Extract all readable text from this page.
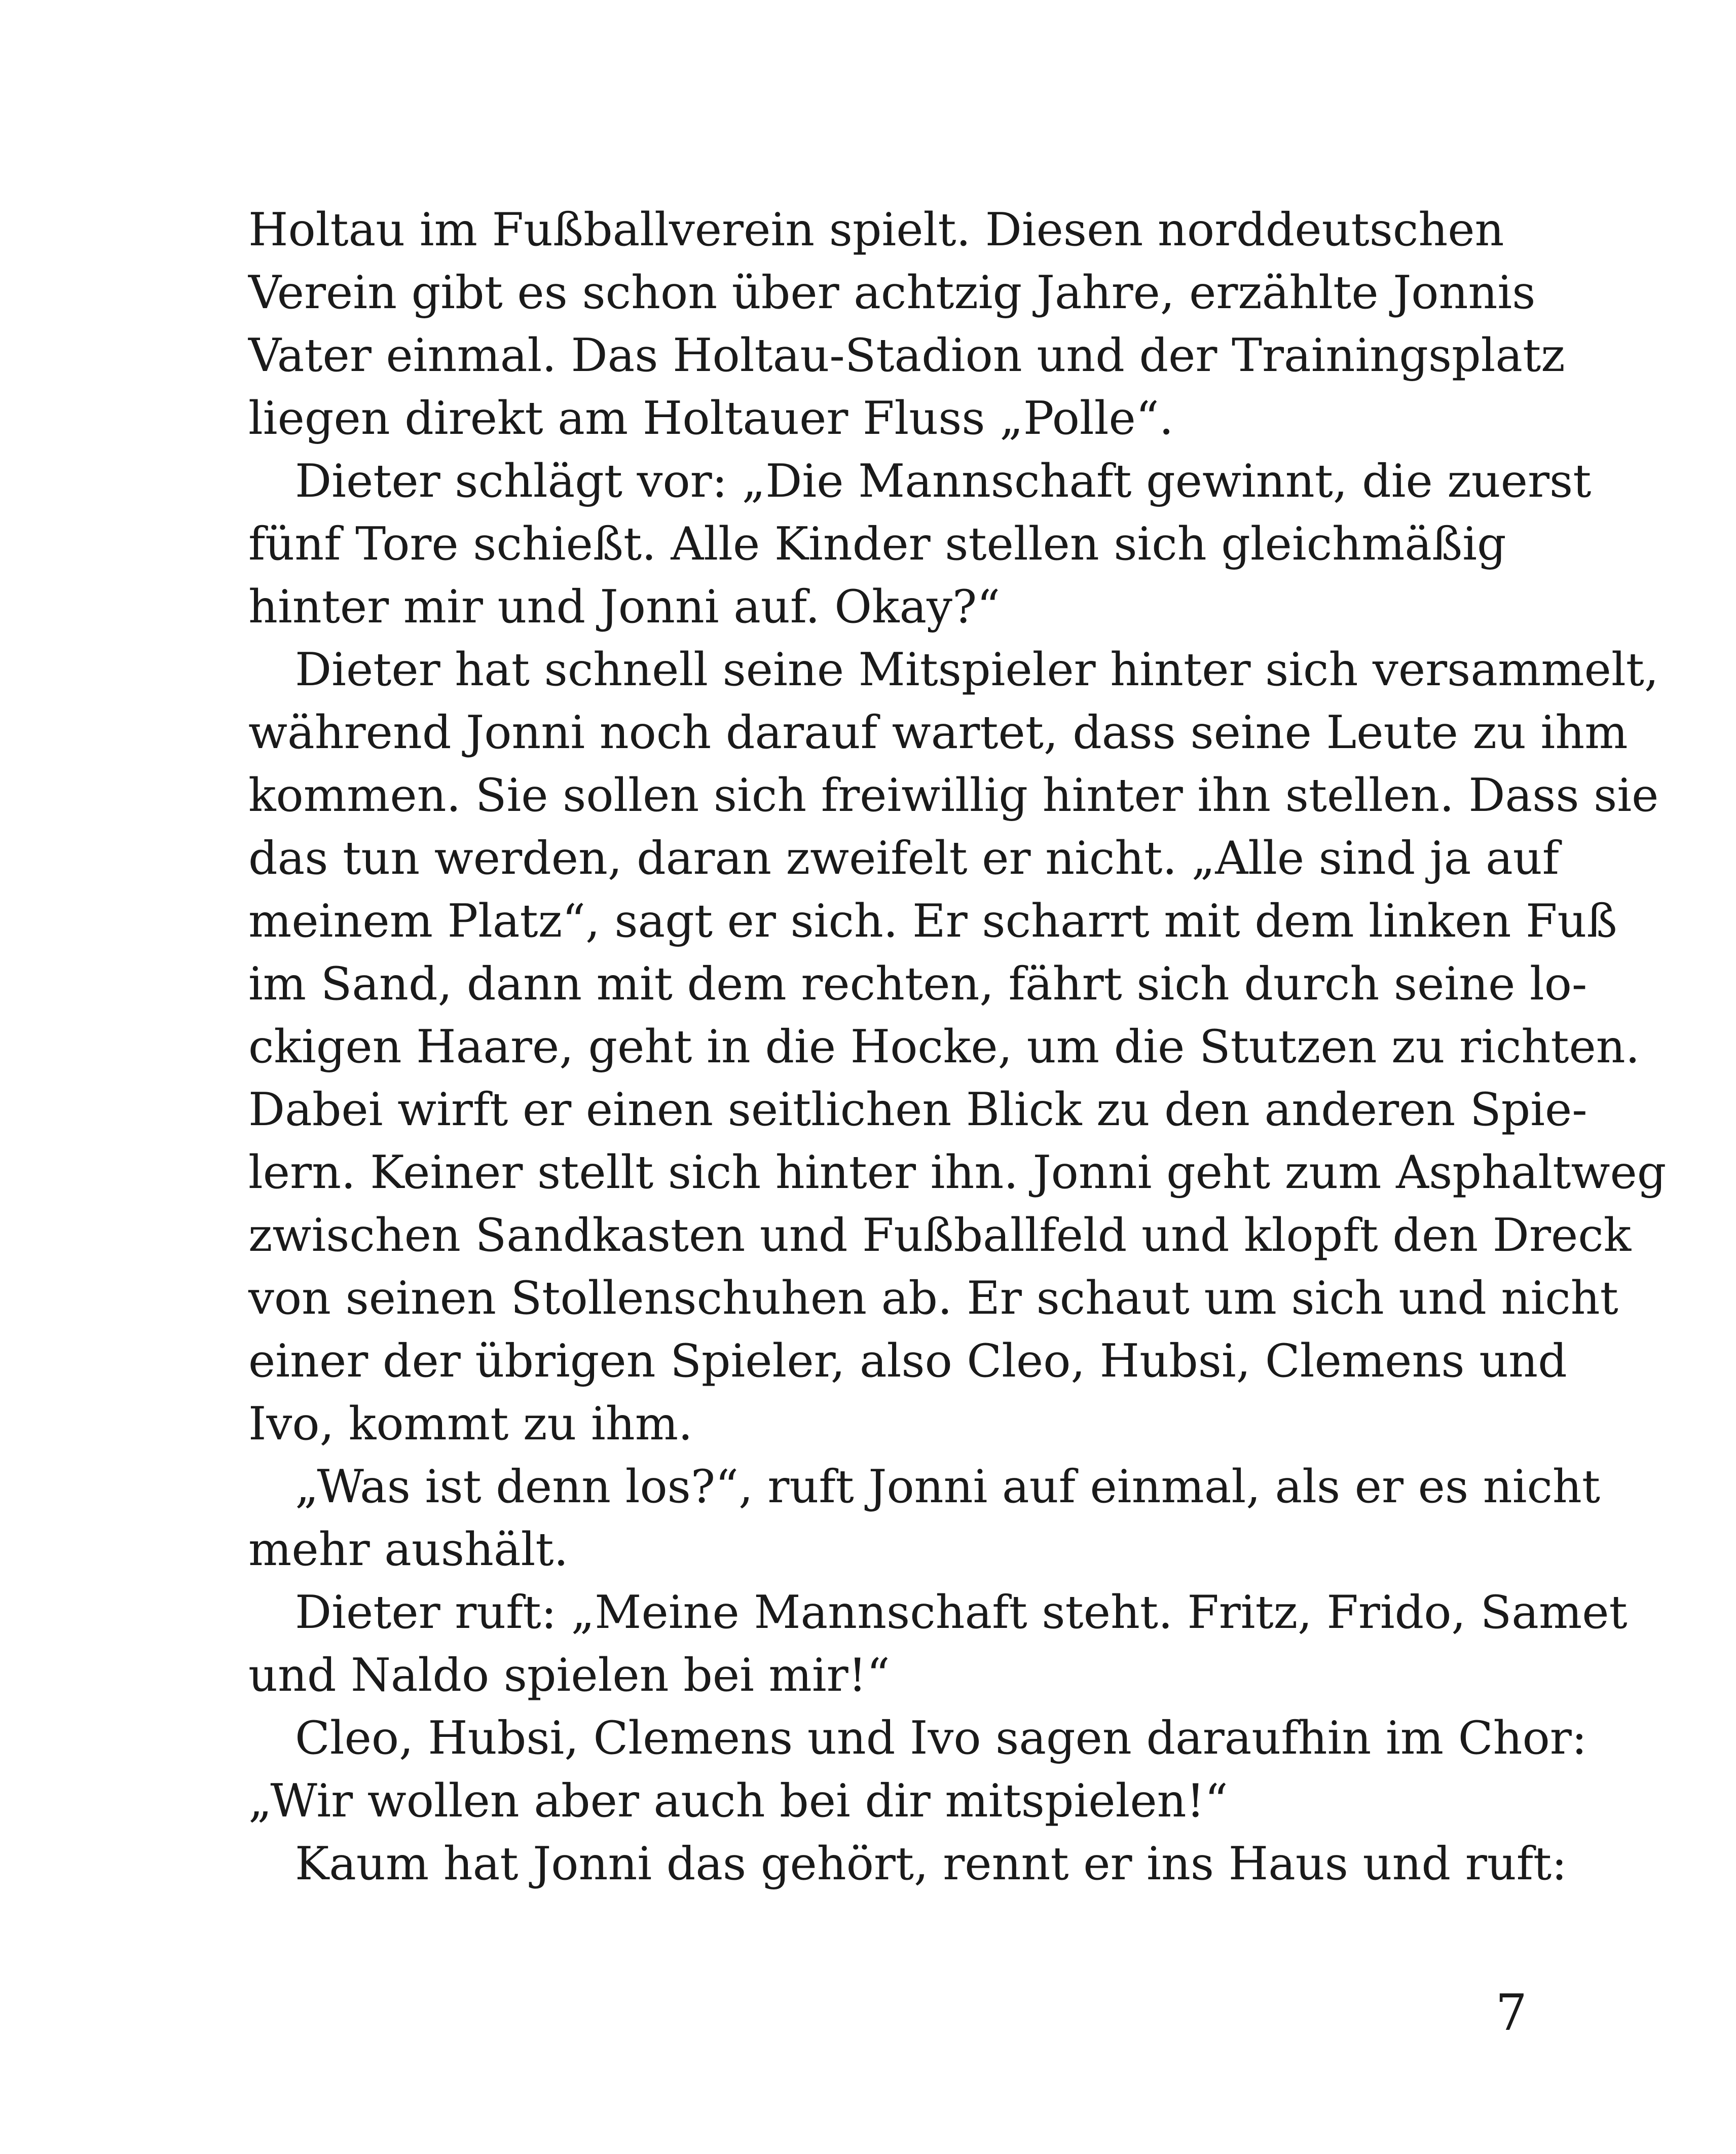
Holtau im Fußballverein spielt. Diesen norddeutschen
Verein gibt es schon über achtzig Jahre, erzählte Jonnis
Vater einmal. Das Holtau-Stadion und der Trainingsplatz
liegen direkt am Holtauer Fluss „Polle“.
Dieter schlägt vor: „Die Mannschaft gewinnt, die zuerst
fünf Tore schießt. Alle Kinder stellen sich gleichmäßig
hinter mir und Jonni auf. Okay?“
Dieter hat schnell seine Mitspieler hinter sich versammelt,
während Jonni noch darauf wartet, dass seine Leute zu ihm
kommen. Sie sollen sich freiwillig hinter ihn stellen. Dass sie
das tun werden, daran zweifelt er nicht. „Alle sind ja auf
meinem Platz“, sagt er sich. Er scharrt mit dem linken Fuß
im Sand, dann mit dem rechten, fährt sich durch seine lo-
ckigen Haare, geht in die Hocke, um die Stutzen zu richten.
Dabei wirft er einen seitlichen Blick zu den anderen Spie-
lern. Keiner stellt sich hinter ihn. Jonni geht zum Asphaltweg
zwischen Sandkasten und Fußballfeld und klopft den Dreck
von seinen Stollenschuhen ab. Er schaut um sich und nicht
einer der übrigen Spieler, also Cleo, Hubsi, Clemens und
Ivo, kommt zu ihm.
„Was ist denn los?“, ruft Jonni auf einmal, als er es nicht
mehr aushält.
Dieter ruft: „Meine Mannschaft steht. Fritz, Frido, Samet
und Naldo spielen bei mir!“
Cleo, Hubsi, Clemens und Ivo sagen daraufhin im Chor:
„Wir wollen aber auch bei dir mitspielen!“
Kaum hat Jonni das gehört, rennt er ins Haus und ruft:
7
